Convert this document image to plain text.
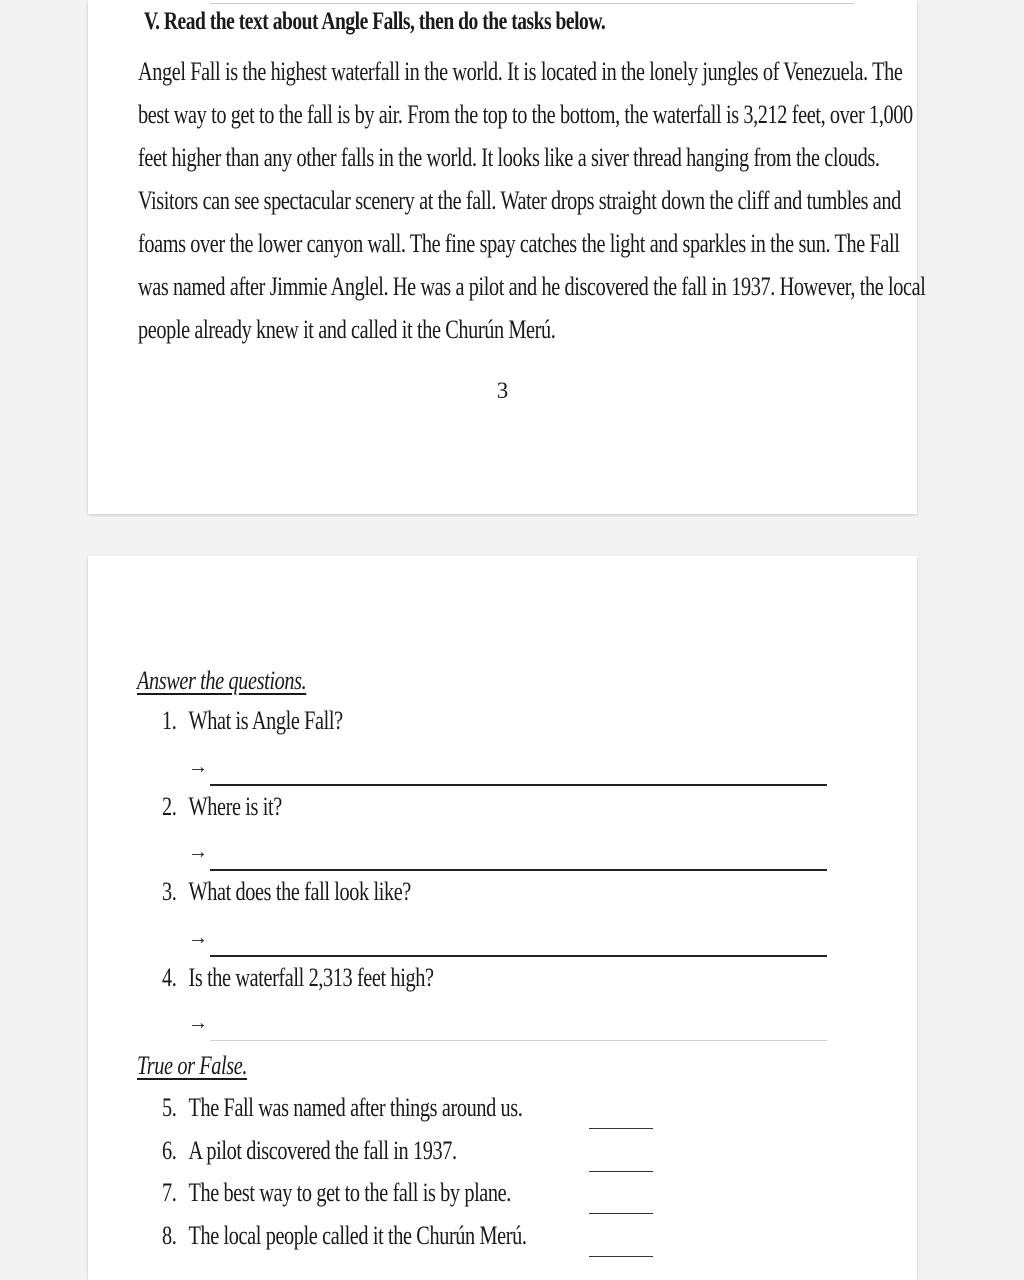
V. Read the text about Angle Falls, then do the tasks below.
Angel Fall is the highest waterfall in the world. It is located in the lonely jungles of Venezuela. The
best way to get to the fall is by air. From the top to the bottom, the waterfall is 3,212 feet, over 1,000
feet higher than any other falls in the world. It looks like a siver thread hanging from the clouds.
Visitors can see spectacular scenery at the fall. Water drops straight down the cliff and tumbles and
foams over the lower canyon wall. The fine spay catches the light and sparkles in the sun. The Fall
was named after Jimmie Anglel. He was a pilot and he discovered the fall in 1937. However, the local
people already knew it and called it the Churún Merú.
3
Answer the questions.
1. What is Angle Fall?
→
2. Where is it?
→
3. What does the fall look like?
→
4. Is the waterfall 2,313 feet high?
→
True or False.
5. The Fall was named after things around us.
6. A pilot discovered the fall in 1937.
7. The best way to get to the fall is by plane.
8. The local people called it the Churún Merú.
